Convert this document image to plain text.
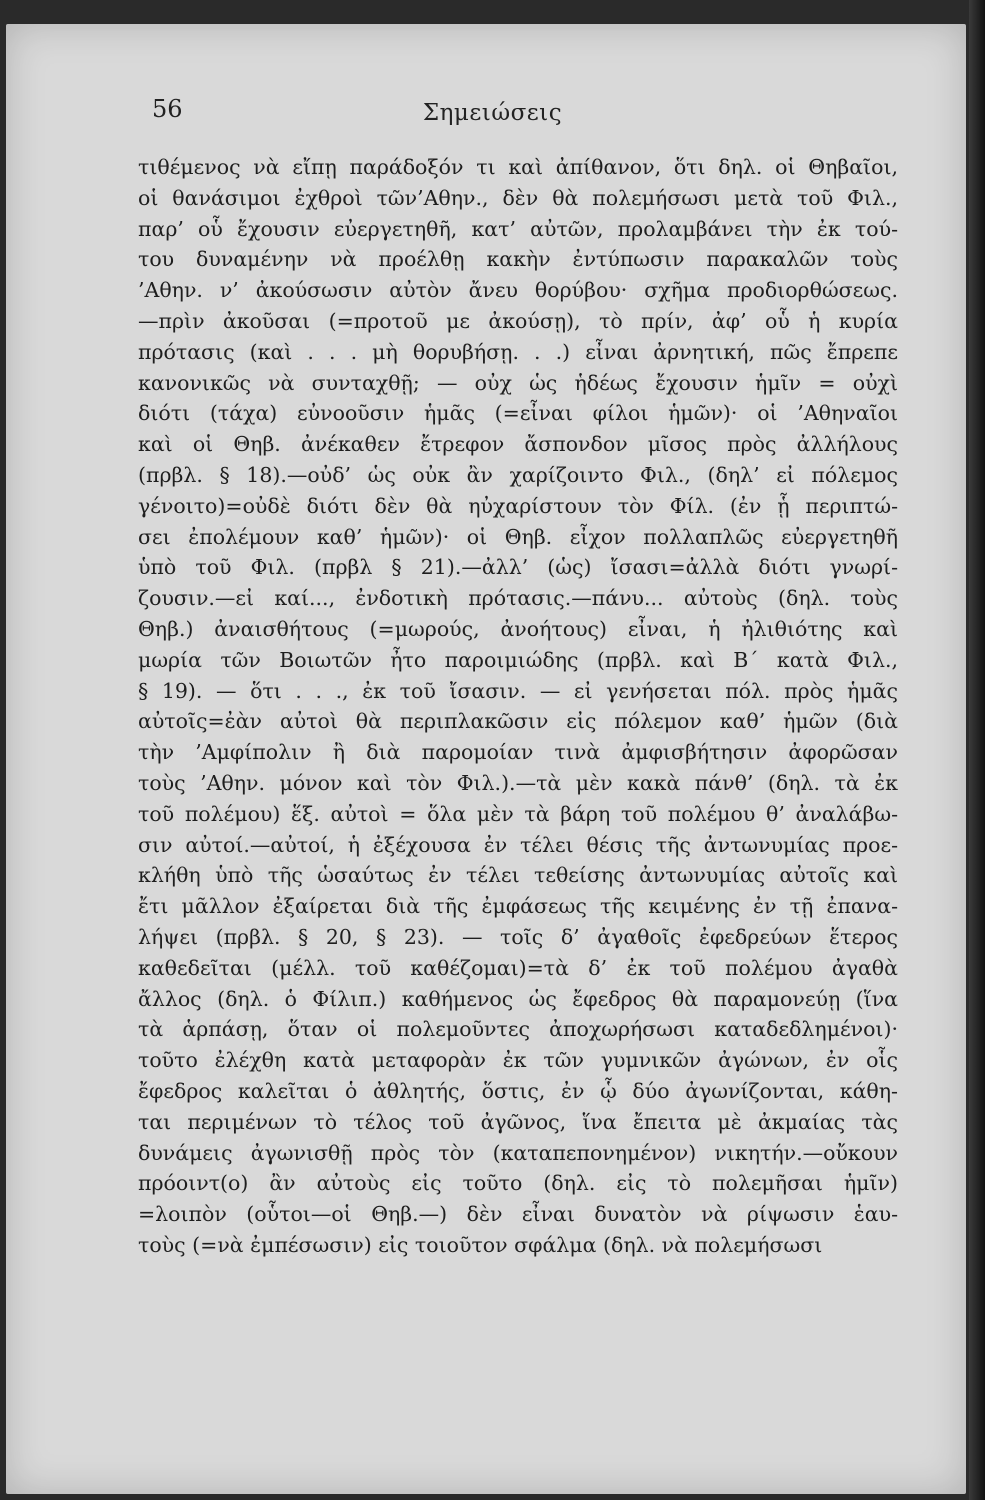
56	Σημειώσεις
τιθέμενος νὰ εἴπῃ παράδοξόν τι καὶ ἀπίθανον, ὅτι δηλ. οἱ Θηβαῖοι,
οἱ θανάσιμοι ἐχθροὶ τῶν’Αθην., δὲν θὰ πολεμήσωσι μετὰ τοῦ Φιλ.,
παρ’ οὗ ἔχουσιν εὐεργετηθῆ, κατ’ αὐτῶν, προλαμβάνει τὴν ἐκ τού-
του δυναμένην νὰ προέλθῃ κακὴν ἐντύπωσιν παρακαλῶν τοὺς
’Αθην. ν’ ἀκούσωσιν αὐτὸν ἄνευ θορύβου· σχῆμα προδιορθώσεως.
—πρὶν ἀκοῦσαι (=προτοῦ με ἀκούσῃ), τὸ πρίν, ἀφ’ οὗ ἡ κυρία
πρότασις (καὶ . . . μὴ θορυβήσῃ. . .) εἶναι ἀρνητική, πῶς ἔπρεπε
κανονικῶς νὰ συνταχθῇ; — οὐχ ὡς ἡδέως ἔχουσιν ἡμῖν = οὐχὶ
διότι (τάχα) εὐνοοῦσιν ἡμᾶς (=εἶναι φίλοι ἡμῶν)· οἱ ’Αθηναῖοι
καὶ οἱ Θηβ. ἀνέκαθεν ἔτρεφον ἄσπονδον μῖσος πρὸς ἀλλήλους
(πρβλ. § 18).—οὐδ’ ὡς οὐκ ἂν χαρίζοιντο Φιλ., (δηλ’ εἰ πόλεμος
γένοιτο)=οὐδὲ διότι δὲν θὰ ηὐχαρίστουν τὸν Φίλ. (ἐν ᾗ περιπτώ-
σει ἐπολέμουν καθ’ ἡμῶν)· οἱ Θηβ. εἶχον πολλαπλῶς εὐεργετηθῆ
ὑπὸ τοῦ Φιλ. (πρβλ § 21).—ἀλλ’ (ὡς) ἴσασι=ἀλλὰ διότι γνωρί-
ζουσιν.—εἰ καί..., ἐνδοτικὴ πρότασις.—πάνυ... αὐτοὺς (δηλ. τοὺς
Θηβ.) ἀναισθήτους (=μωρούς, ἀνοήτους) εἶναι, ἡ ἠλιθιότης καὶ
μωρία τῶν Βοιωτῶν ἦτο παροιμιώδης (πρβλ. καὶ Β΄ κατὰ Φιλ.,
§ 19). — ὅτι . . ., ἐκ τοῦ ἴσασιν. — εἰ γενήσεται πόλ. πρὸς ἡμᾶς
αὐτοῖς=ἐὰν αὐτοὶ θὰ περιπλακῶσιν εἰς πόλεμον καθ’ ἡμῶν (διὰ
τὴν ’Αμφίπολιν ἢ διὰ παρομοίαν τινὰ ἀμφισβήτησιν ἀφορῶσαν
τοὺς ’Αθην. μόνον καὶ τὸν Φιλ.).—τὰ μὲν κακὰ πάνθ’ (δηλ. τὰ ἐκ
τοῦ πολέμου) ἕξ. αὐτοὶ = ὅλα μὲν τὰ βάρη τοῦ πολέμου θ’ ἀναλάβω-
σιν αὐτοί.—αὐτοί, ἡ ἐξέχουσα ἐν τέλει θέσις τῆς ἀντωνυμίας προε-
κλήθη ὑπὸ τῆς ὡσαύτως ἐν τέλει τεθείσης ἀντωνυμίας αὐτοῖς καὶ
ἔτι μᾶλλον ἐξαίρεται διὰ τῆς ἐμφάσεως τῆς κειμένης ἐν τῇ ἐπανα-
λήψει (πρβλ. § 20, § 23). — τοῖς δ’ ἀγαθοῖς ἐφεδρεύων ἕτερος
καθεδεῖται (μέλλ. τοῦ καθέζομαι)=τὰ δ’ ἐκ τοῦ πολέμου ἀγαθὰ
ἄλλος (δηλ. ὁ Φίλιπ.) καθήμενος ὡς ἔφεδρος θὰ παραμονεύῃ (ἵνα
τὰ ἁρπάσῃ, ὅταν οἱ πολεμοῦντες ἀποχωρήσωσι καταδεδλημένοι)·
τοῦτο ἐλέχθη κατὰ μεταφορὰν ἐκ τῶν γυμνικῶν ἀγώνων, ἐν οἷς
ἔφεδρος καλεῖται ὁ ἀθλητής, ὅστις, ἐν ᾧ δύο ἀγωνίζονται, κάθη-
ται περιμένων τὸ τέλος τοῦ ἀγῶνος, ἵνα ἔπειτα μὲ ἀκμαίας τὰς
δυνάμεις ἀγωνισθῇ πρὸς τὸν (καταπεπονημένον) νικητήν.—οὔκουν
πρόοιντ(ο) ἂν αὐτοὺς εἰς τοῦτο (δηλ. εἰς τὸ πολεμῆσαι ἡμῖν)
=λοιπὸν (οὗτοι—οἱ Θηβ.—) δὲν εἶναι δυνατὸν νὰ ρίψωσιν ἑαυ-
τοὺς (=νὰ ἐμπέσωσιν) εἰς τοιοῦτον σφάλμα (δηλ. νὰ πολεμήσωσι
